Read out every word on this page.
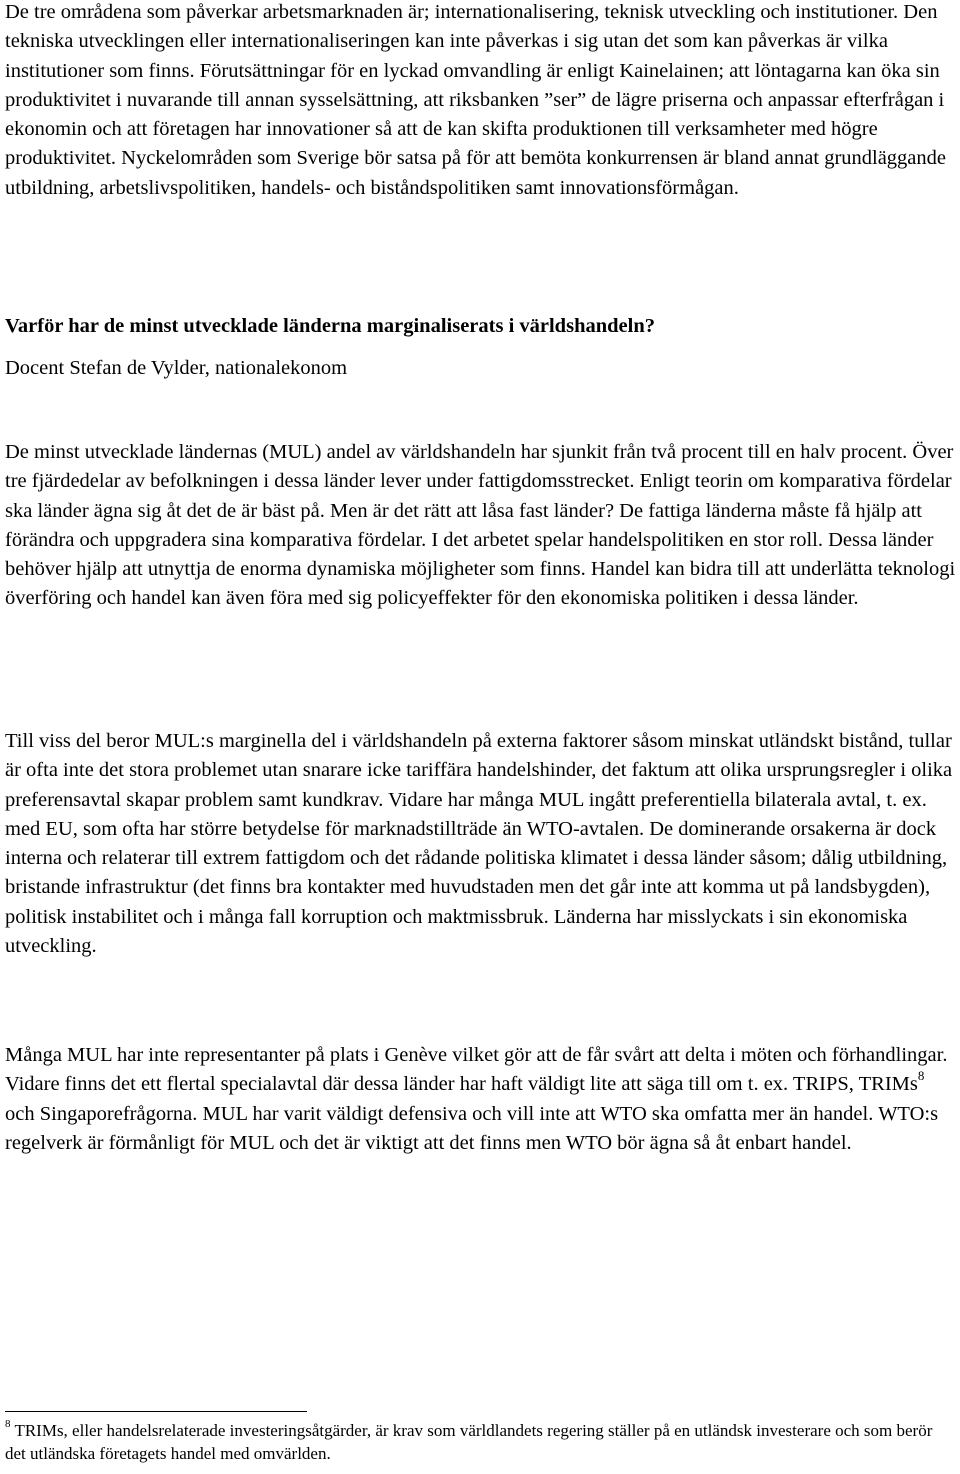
De tre områdena som påverkar arbetsmarknaden är; internationalisering, teknisk utveckling och institutioner. Den tekniska utvecklingen eller internationaliseringen kan inte påverkas i sig utan det som kan påverkas är vilka institutioner som finns. Förutsättningar för en lyckad omvandling är enligt Kainelainen; att löntagarna kan öka sin produktivitet i nuvarande till annan sysselsättning, att riksbanken ”ser” de lägre priserna och anpassar efterfrågan i ekonomin och att företagen har innovationer så att de kan skifta produktionen till verksamheter med högre produktivitet. Nyckelområden som Sverige bör satsa på för att bemöta konkurrensen är bland annat grundläggande utbildning, arbetslivspolitiken, handels- och biståndspolitiken samt innovationsförmågan.

Varför har de minst utvecklade länderna marginaliserats i världshandeln?

Docent Stefan de Vylder, nationalekonom

De minst utvecklade ländernas (MUL) andel av världshandeln har sjunkit från två procent till en halv procent. Över tre fjärdedelar av befolkningen i dessa länder lever under fattigdomsstrecket. Enligt teorin om komparativa fördelar ska länder ägna sig åt det de är bäst på. Men är det rätt att låsa fast länder? De fattiga länderna måste få hjälp att förändra och uppgradera sina komparativa fördelar. I det arbetet spelar handelspolitiken en stor roll. Dessa länder behöver hjälp att utnyttja de enorma dynamiska möjligheter som finns. Handel kan bidra till att underlätta teknologi överföring och handel kan även föra med sig policyeffekter för den ekonomiska politiken i dessa länder.

Till viss del beror MUL:s marginella del i världshandeln på externa faktorer såsom minskat utländskt bistånd, tullar är ofta inte det stora problemet utan snarare icke tariffära handelshinder, det faktum att olika ursprungsregler i olika preferensavtal skapar problem samt kundkrav. Vidare har många MUL ingått preferentiella bilaterala avtal, t. ex. med EU, som ofta har större betydelse för marknadstillträde än WTO-avtalen. De dominerande orsakerna är dock interna och relaterar till extrem fattigdom och det rådande politiska klimatet i dessa länder såsom; dålig utbildning, bristande infrastruktur (det finns bra kontakter med huvudstaden men det går inte att komma ut på landsbygden), politisk instabilitet och i många fall korruption och maktmissbruk. Länderna har misslyckats i sin ekonomiska utveckling.

Många MUL har inte representanter på plats i Genève vilket gör att de får svårt att delta i möten och förhandlingar. Vidare finns det ett flertal specialavtal där dessa länder har haft väldigt lite att säga till om t. ex. TRIPS, TRIMs$^8$ och Singaporefrågorna. MUL har varit väldigt defensiva och vill inte att WTO ska omfatta mer än handel. WTO:s regelverk är förmånligt för MUL och det är viktigt att det finns men WTO bör ägna så åt enbart handel.

$^8$ TRIMs, eller handelsrelaterade investeringsåtgärder, är krav som världlandets regering ställer på en utländsk investerare och som berör det utländska företagets handel med omvärlden.
